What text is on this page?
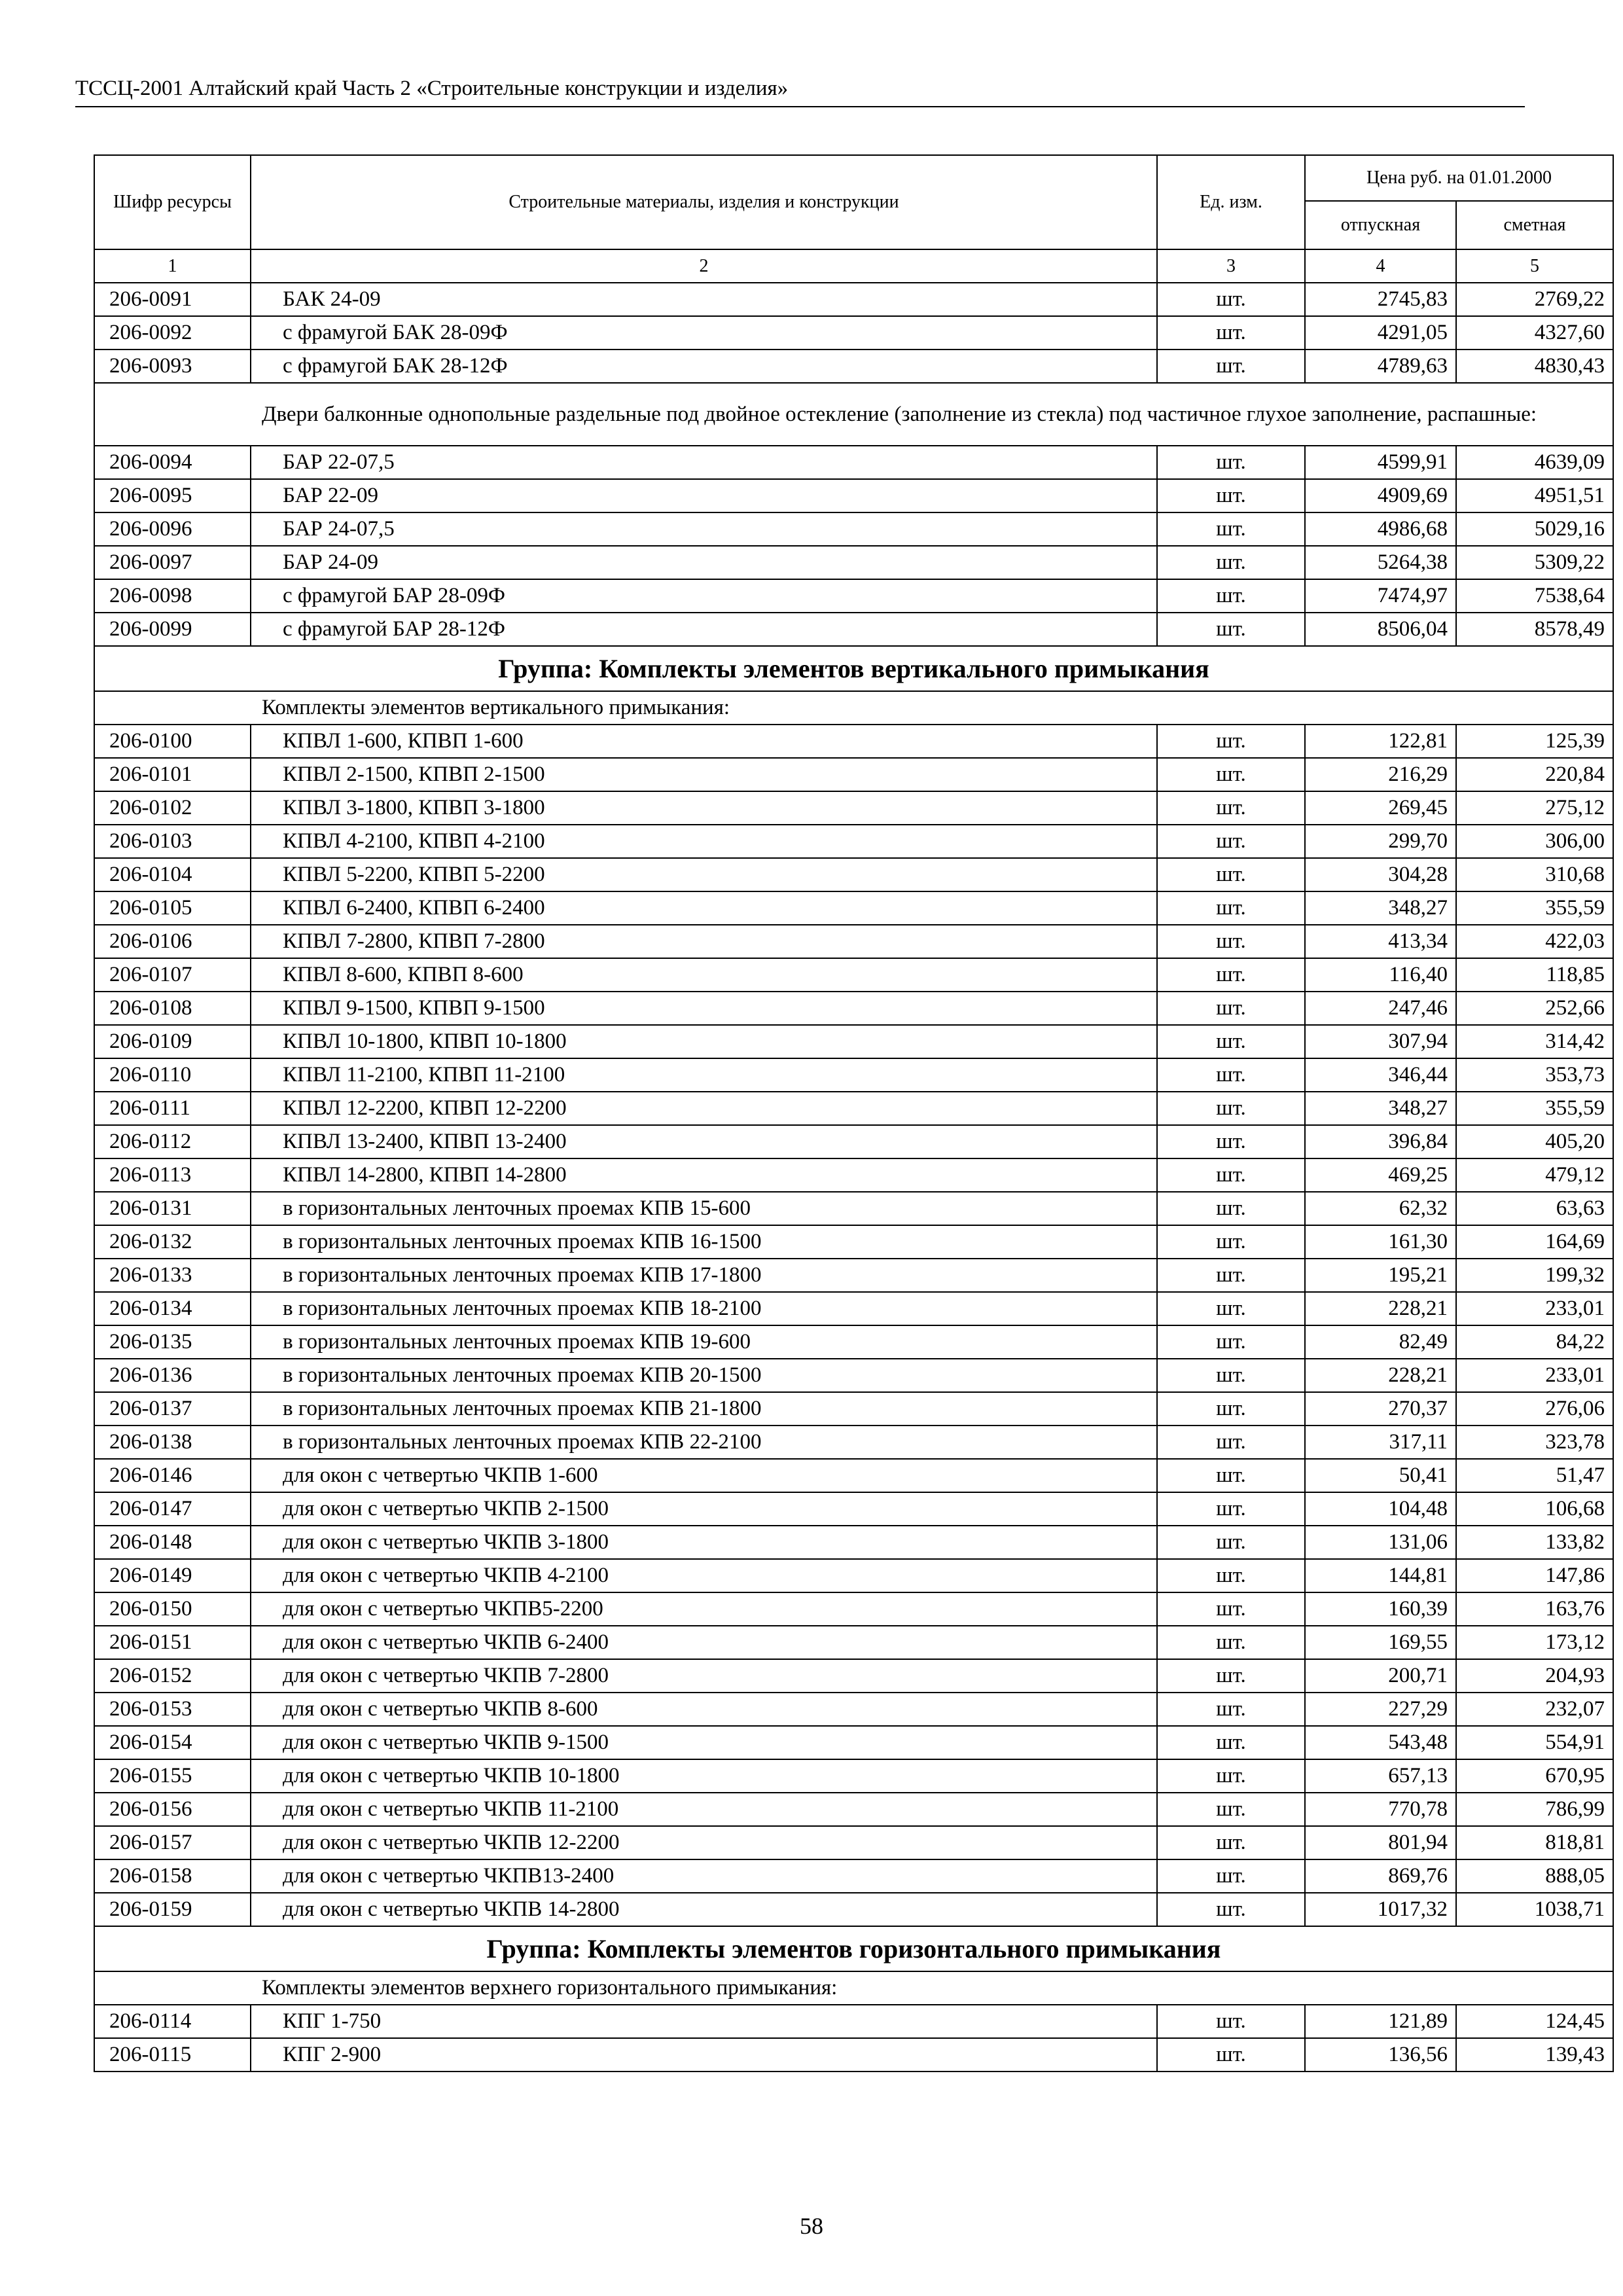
ТССЦ-2001 Алтайский край Часть 2 «Строительные конструкции и изделия»
Шифр ресурсы	Строительные материалы, изделия и конструкции	Ед. изм.	Цена руб. на 01.01.2000	
			отпускная	сметная
1	2	3	4	5
206-0091	БАК 24-09	шт.	2745,83	2769,22
206-0092	с фрамугой БАК 28-09Ф	шт.	4291,05	4327,60
206-0093	с фрамугой БАК 28-12Ф	шт.	4789,63	4830,43
Двери балконные однопольные раздельные под двойное остекление (заполнение из стекла) под частичное глухое заполнение, распашные:				
206-0094	БАР 22-07,5	шт.	4599,91	4639,09
206-0095	БАР 22-09	шт.	4909,69	4951,51
206-0096	БАР 24-07,5	шт.	4986,68	5029,16
206-0097	БАР 24-09	шт.	5264,38	5309,22
206-0098	с фрамугой БАР 28-09Ф	шт.	7474,97	7538,64
206-0099	с фрамугой БАР 28-12Ф	шт.	8506,04	8578,49
Группа: Комплекты элементов вертикального примыкания				
Комплекты элементов вертикального примыкания:				
206-0100	КПВЛ 1-600, КПВП 1-600	шт.	122,81	125,39
206-0101	КПВЛ 2-1500, КПВП 2-1500	шт.	216,29	220,84
206-0102	КПВЛ 3-1800, КПВП 3-1800	шт.	269,45	275,12
206-0103	КПВЛ 4-2100, КПВП 4-2100	шт.	299,70	306,00
206-0104	КПВЛ 5-2200, КПВП 5-2200	шт.	304,28	310,68
206-0105	КПВЛ 6-2400, КПВП 6-2400	шт.	348,27	355,59
206-0106	КПВЛ 7-2800, КПВП 7-2800	шт.	413,34	422,03
206-0107	КПВЛ 8-600, КПВП 8-600	шт.	116,40	118,85
206-0108	КПВЛ 9-1500, КПВП 9-1500	шт.	247,46	252,66
206-0109	КПВЛ 10-1800, КПВП 10-1800	шт.	307,94	314,42
206-0110	КПВЛ 11-2100, КПВП 11-2100	шт.	346,44	353,73
206-0111	КПВЛ 12-2200, КПВП 12-2200	шт.	348,27	355,59
206-0112	КПВЛ 13-2400, КПВП 13-2400	шт.	396,84	405,20
206-0113	КПВЛ 14-2800, КПВП 14-2800	шт.	469,25	479,12
206-0131	в горизонтальных ленточных проемах КПВ 15-600	шт.	62,32	63,63
206-0132	в горизонтальных ленточных проемах КПВ 16-1500	шт.	161,30	164,69
206-0133	в горизонтальных ленточных проемах КПВ 17-1800	шт.	195,21	199,32
206-0134	в горизонтальных ленточных проемах КПВ 18-2100	шт.	228,21	233,01
206-0135	в горизонтальных ленточных проемах КПВ 19-600	шт.	82,49	84,22
206-0136	в горизонтальных ленточных проемах КПВ 20-1500	шт.	228,21	233,01
206-0137	в горизонтальных ленточных проемах КПВ 21-1800	шт.	270,37	276,06
206-0138	в горизонтальных ленточных проемах КПВ 22-2100	шт.	317,11	323,78
206-0146	для окон с четвертью ЧКПВ 1-600	шт.	50,41	51,47
206-0147	для окон с четвертью ЧКПВ 2-1500	шт.	104,48	106,68
206-0148	для окон с четвертью ЧКПВ 3-1800	шт.	131,06	133,82
206-0149	для окон с четвертью ЧКПВ 4-2100	шт.	144,81	147,86
206-0150	для окон с четвертью ЧКПВ5-2200	шт.	160,39	163,76
206-0151	для окон с четвертью ЧКПВ 6-2400	шт.	169,55	173,12
206-0152	для окон с четвертью ЧКПВ 7-2800	шт.	200,71	204,93
206-0153	для окон с четвертью ЧКПВ 8-600	шт.	227,29	232,07
206-0154	для окон с четвертью ЧКПВ 9-1500	шт.	543,48	554,91
206-0155	для окон с четвертью ЧКПВ 10-1800	шт.	657,13	670,95
206-0156	для окон с четвертью ЧКПВ 11-2100	шт.	770,78	786,99
206-0157	для окон с четвертью ЧКПВ 12-2200	шт.	801,94	818,81
206-0158	для окон с четвертью ЧКПВ13-2400	шт.	869,76	888,05
206-0159	для окон с четвертью ЧКПВ 14-2800	шт.	1017,32	1038,71
Группа: Комплекты элементов горизонтального примыкания				
Комплекты элементов верхнего горизонтального примыкания:				
206-0114	КПГ 1-750	шт.	121,89	124,45
206-0115	КПГ 2-900	шт.	136,56	139,43
58
